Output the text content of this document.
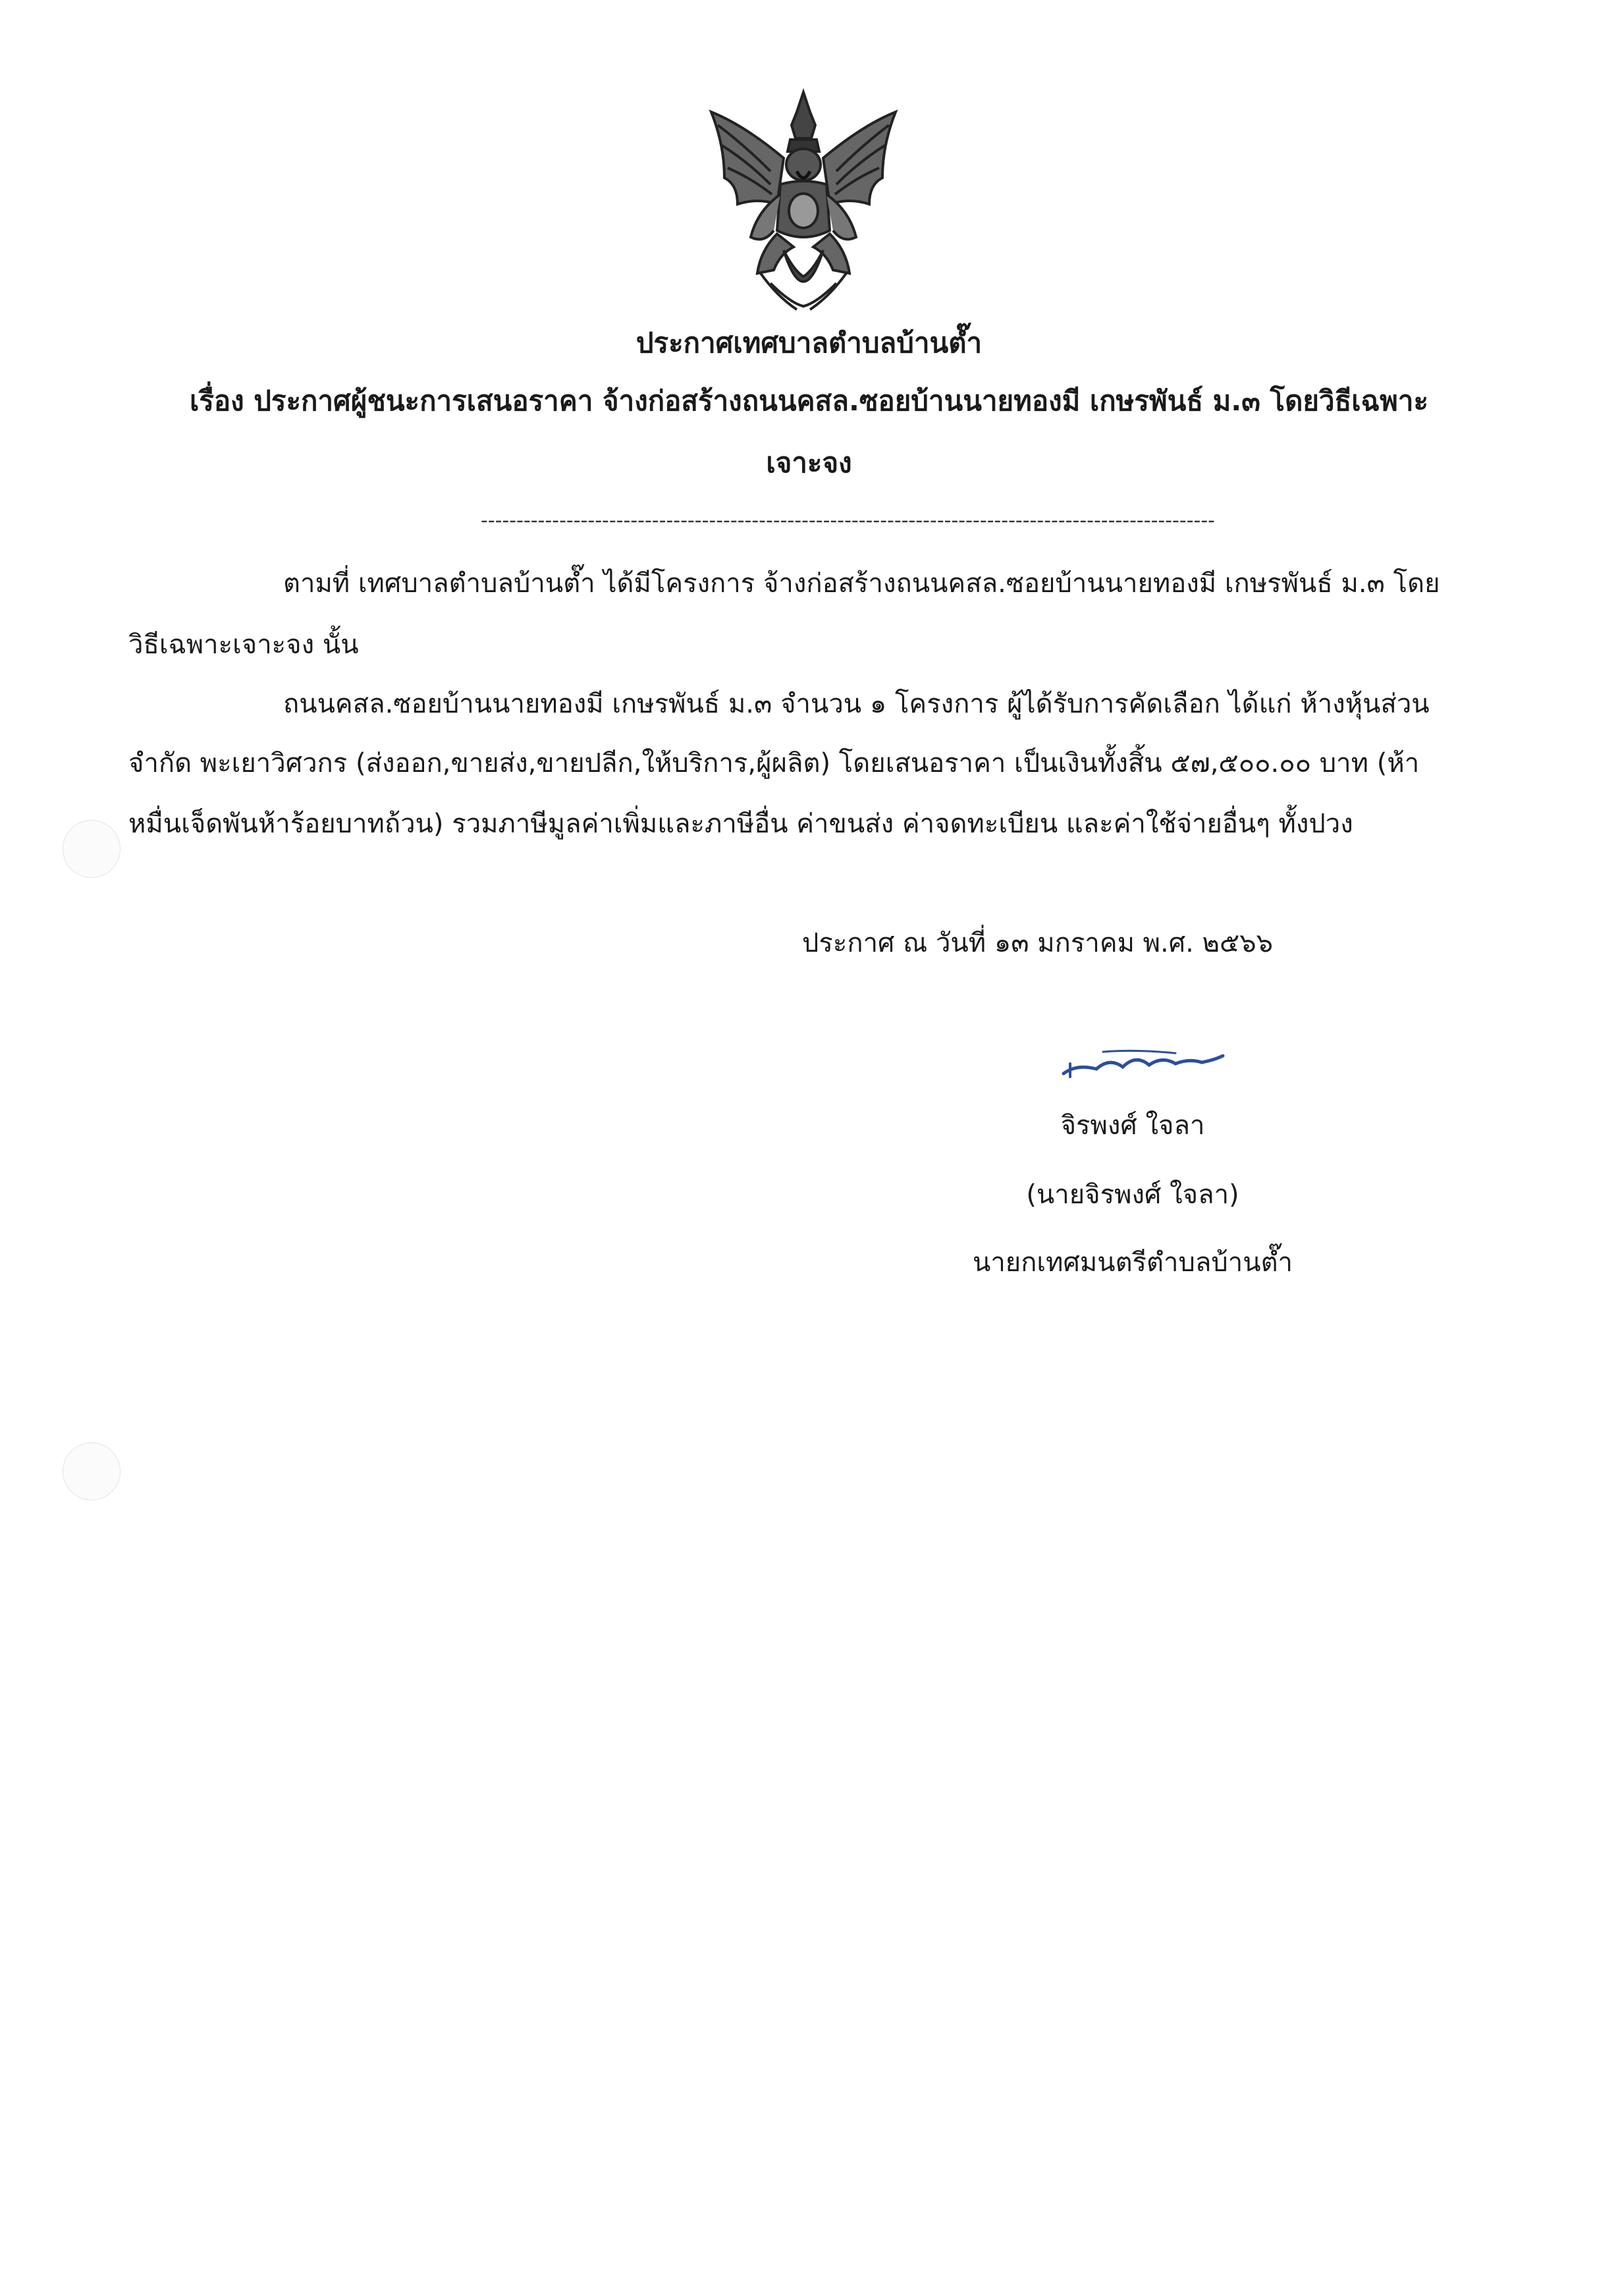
ประกาศเทศบาลตำบลบ้านต๊ำ
เรื่อง ประกาศผู้ชนะการเสนอราคา จ้างก่อสร้างถนนคสล.ซอยบ้านนายทองมี เกษรพันธ์ ม.๓ โดยวิธีเฉพาะ
เจาะจง
-------------------------------------------------------------------------------------------------------
ตามที่ เทศบาลตำบลบ้านต๊ำ ได้มีโครงการ จ้างก่อสร้างถนนคสล.ซอยบ้านนายทองมี เกษรพันธ์ ม.๓ โดย
วิธีเฉพาะเจาะจง นั้น
ถนนคสล.ซอยบ้านนายทองมี เกษรพันธ์ ม.๓ จำนวน ๑ โครงการ ผู้ได้รับการคัดเลือก ได้แก่ ห้างหุ้นส่วน
จำกัด พะเยาวิศวกร (ส่งออก,ขายส่ง,ขายปลีก,ให้บริการ,ผู้ผลิต) โดยเสนอราคา เป็นเงินทั้งสิ้น ๕๗,๕๐๐.๐๐ บาท (ห้า
หมื่นเจ็ดพันห้าร้อยบาทถ้วน) รวมภาษีมูลค่าเพิ่มและภาษีอื่น ค่าขนส่ง ค่าจดทะเบียน และค่าใช้จ่ายอื่นๆ ทั้งปวง
ประกาศ ณ วันที่ ๑๓ มกราคม พ.ศ. ๒๕๖๖
จิรพงศ์ ใจลา
(นายจิรพงศ์ ใจลา)
นายกเทศมนตรีตำบลบ้านต๊ำ
